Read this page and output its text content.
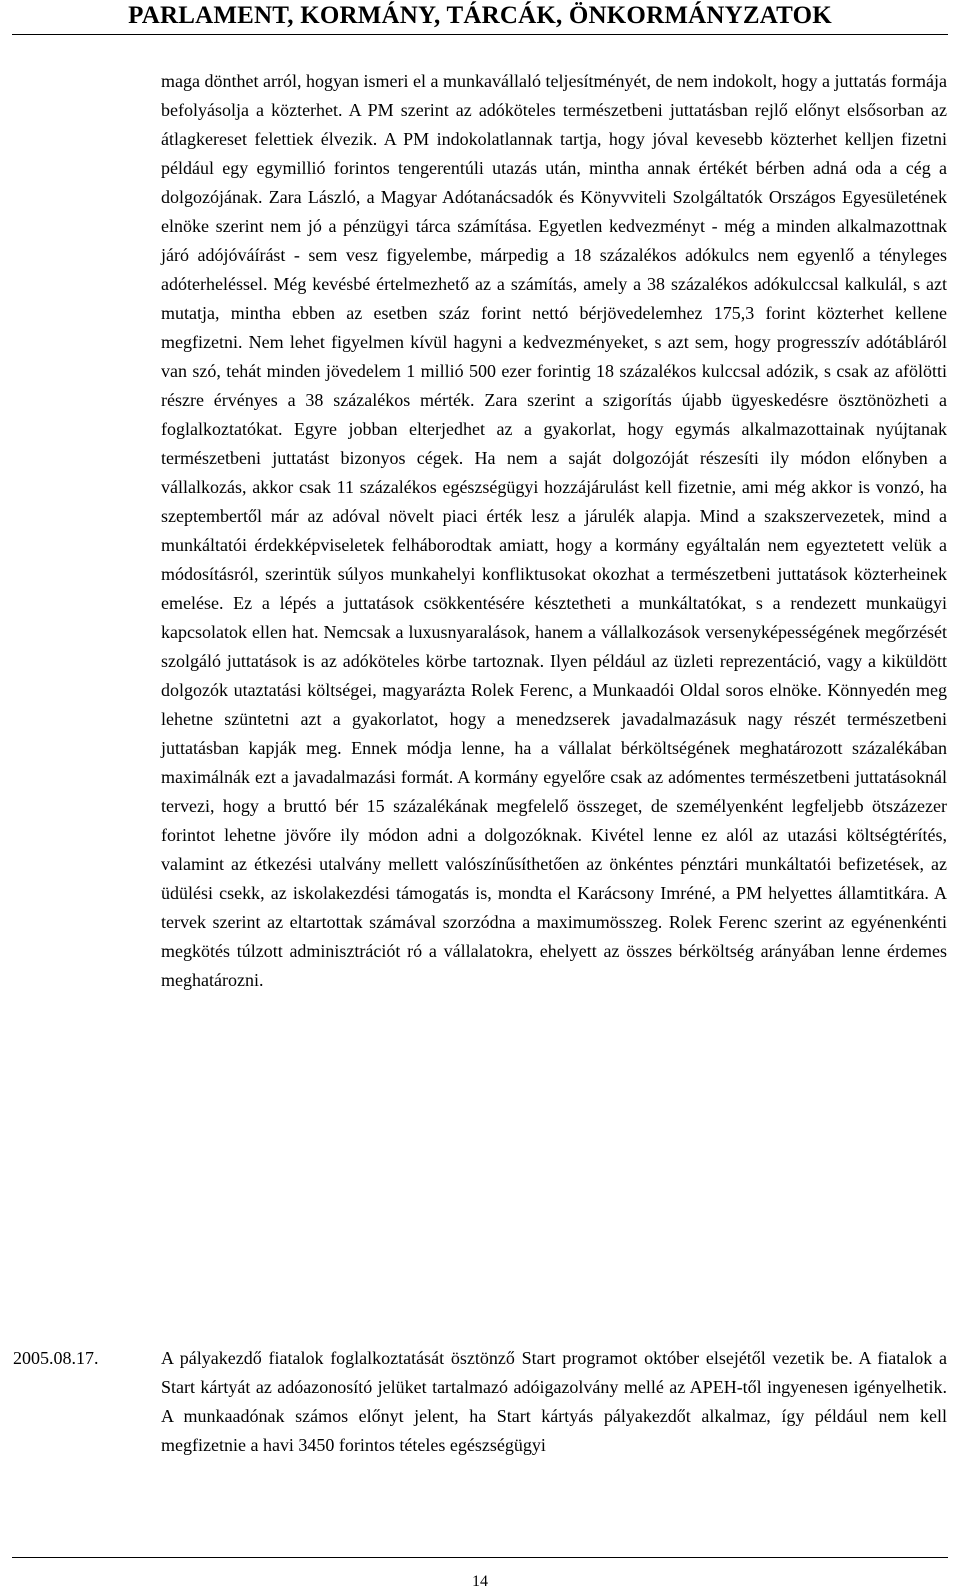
PARLAMENT, KORMÁNY, TÁRCÁK, ÖNKORMÁNYZATOK
maga dönthet arról, hogyan ismeri el a munkavállaló teljesítményét, de nem indokolt, hogy a juttatás formája befolyásolja a közterhet. A PM szerint az adóköteles természetbeni juttatásban rejlő előnyt elsősorban az átlagkereset felettiek élvezik. A PM indokolatlannak tartja, hogy jóval kevesebb közterhet kelljen fizetni például egy egymillió forintos tengerentúli utazás után, mintha annak értékét bérben adná oda a cég a dolgozójának. Zara László, a Magyar Adótanácsadók és Könyvviteli Szolgáltatók Országos Egyesületének elnöke szerint nem jó a pénzügyi tárca számítása. Egyetlen kedvezményt - még a minden alkalmazottnak járó adójóváírást - sem vesz figyelembe, márpedig a 18 százalékos adókulcs nem egyenlő a tényleges adóterheléssel. Még kevésbé értelmezhető az a számítás, amely a 38 százalékos adókulccsal kalkulál, s azt mutatja, mintha ebben az esetben száz forint nettó bérjövedelemhez 175,3 forint közterhet kellene megfizetni. Nem lehet figyelmen kívül hagyni a kedvezményeket, s azt sem, hogy progresszív adótábláról van szó, tehát minden jövedelem 1 millió 500 ezer forintig 18 százalékos kulccsal adózik, s csak az afölötti részre érvényes a 38 százalékos mérték. Zara szerint a szigorítás újabb ügyeskedésre ösztönözheti a foglalkoztatókat. Egyre jobban elterjedhet az a gyakorlat, hogy egymás alkalmazottainak nyújtanak természetbeni juttatást bizonyos cégek. Ha nem a saját dolgozóját részesíti ily módon előnyben a vállalkozás, akkor csak 11 százalékos egészségügyi hozzájárulást kell fizetnie, ami még akkor is vonzó, ha szeptembertől már az adóval növelt piaci érték lesz a járulék alapja. Mind a szakszervezetek, mind a munkáltatói érdekképviseletek felháborodtak amiatt, hogy a kormány egyáltalán nem egyeztetett velük a módosításról, szerintük súlyos munkahelyi konfliktusokat okozhat a természetbeni juttatások közterheinek emelése. Ez a lépés a juttatások csökkentésére késztetheti a munkáltatókat, s a rendezett munkaügyi kapcsolatok ellen hat. Nemcsak a luxusnyaralások, hanem a vállalkozások versenyképességének megőrzését szolgáló juttatások is az adóköteles körbe tartoznak. Ilyen például az üzleti reprezentáció, vagy a kiküldött dolgozók utaztatási költségei, magyarázta Rolek Ferenc, a Munkaadói Oldal soros elnöke. Könnyedén meg lehetne szüntetni azt a gyakorlatot, hogy a menedzserek javadalmazásuk nagy részét természetbeni juttatásban kapják meg. Ennek módja lenne, ha a vállalat bérköltségének meghatározott százalékában maximálnák ezt a javadalmazási formát. A kormány egyelőre csak az adómentes természetbeni juttatásoknál tervezi, hogy a bruttó bér 15 százalékának megfelelő összeget, de személyenként legfeljebb ötszázezer forintot lehetne jövőre ily módon adni a dolgozóknak. Kivétel lenne ez alól az utazási költségtérítés, valamint az étkezési utalvány mellett valószínűsíthetően az önkéntes pénztári munkáltatói befizetések, az üdülési csekk, az iskolakezdési támogatás is, mondta el Karácsony Imréné, a PM helyettes államtitkára. A tervek szerint az eltartottak számával szorzódna a maximumösszeg. Rolek Ferenc szerint az egyénenkénti megkötés túlzott adminisztrációt ró a vállalatokra, ehelyett az összes bérköltség arányában lenne érdemes meghatározni.
2005.08.17.	A pályakezdő fiatalok foglalkoztatását ösztönző Start programot október elsejétől vezetik be. A fiatalok a Start kártyát az adóazonosító jelüket tartalmazó adóigazolvány mellé az APEH-től ingyenesen igényelhetik. A munkaadónak számos előnyt jelent, ha Start kártyás pályakezdőt alkalmaz, így például nem kell megfizetnie a havi 3450 forintos tételes egészségügyi
14
